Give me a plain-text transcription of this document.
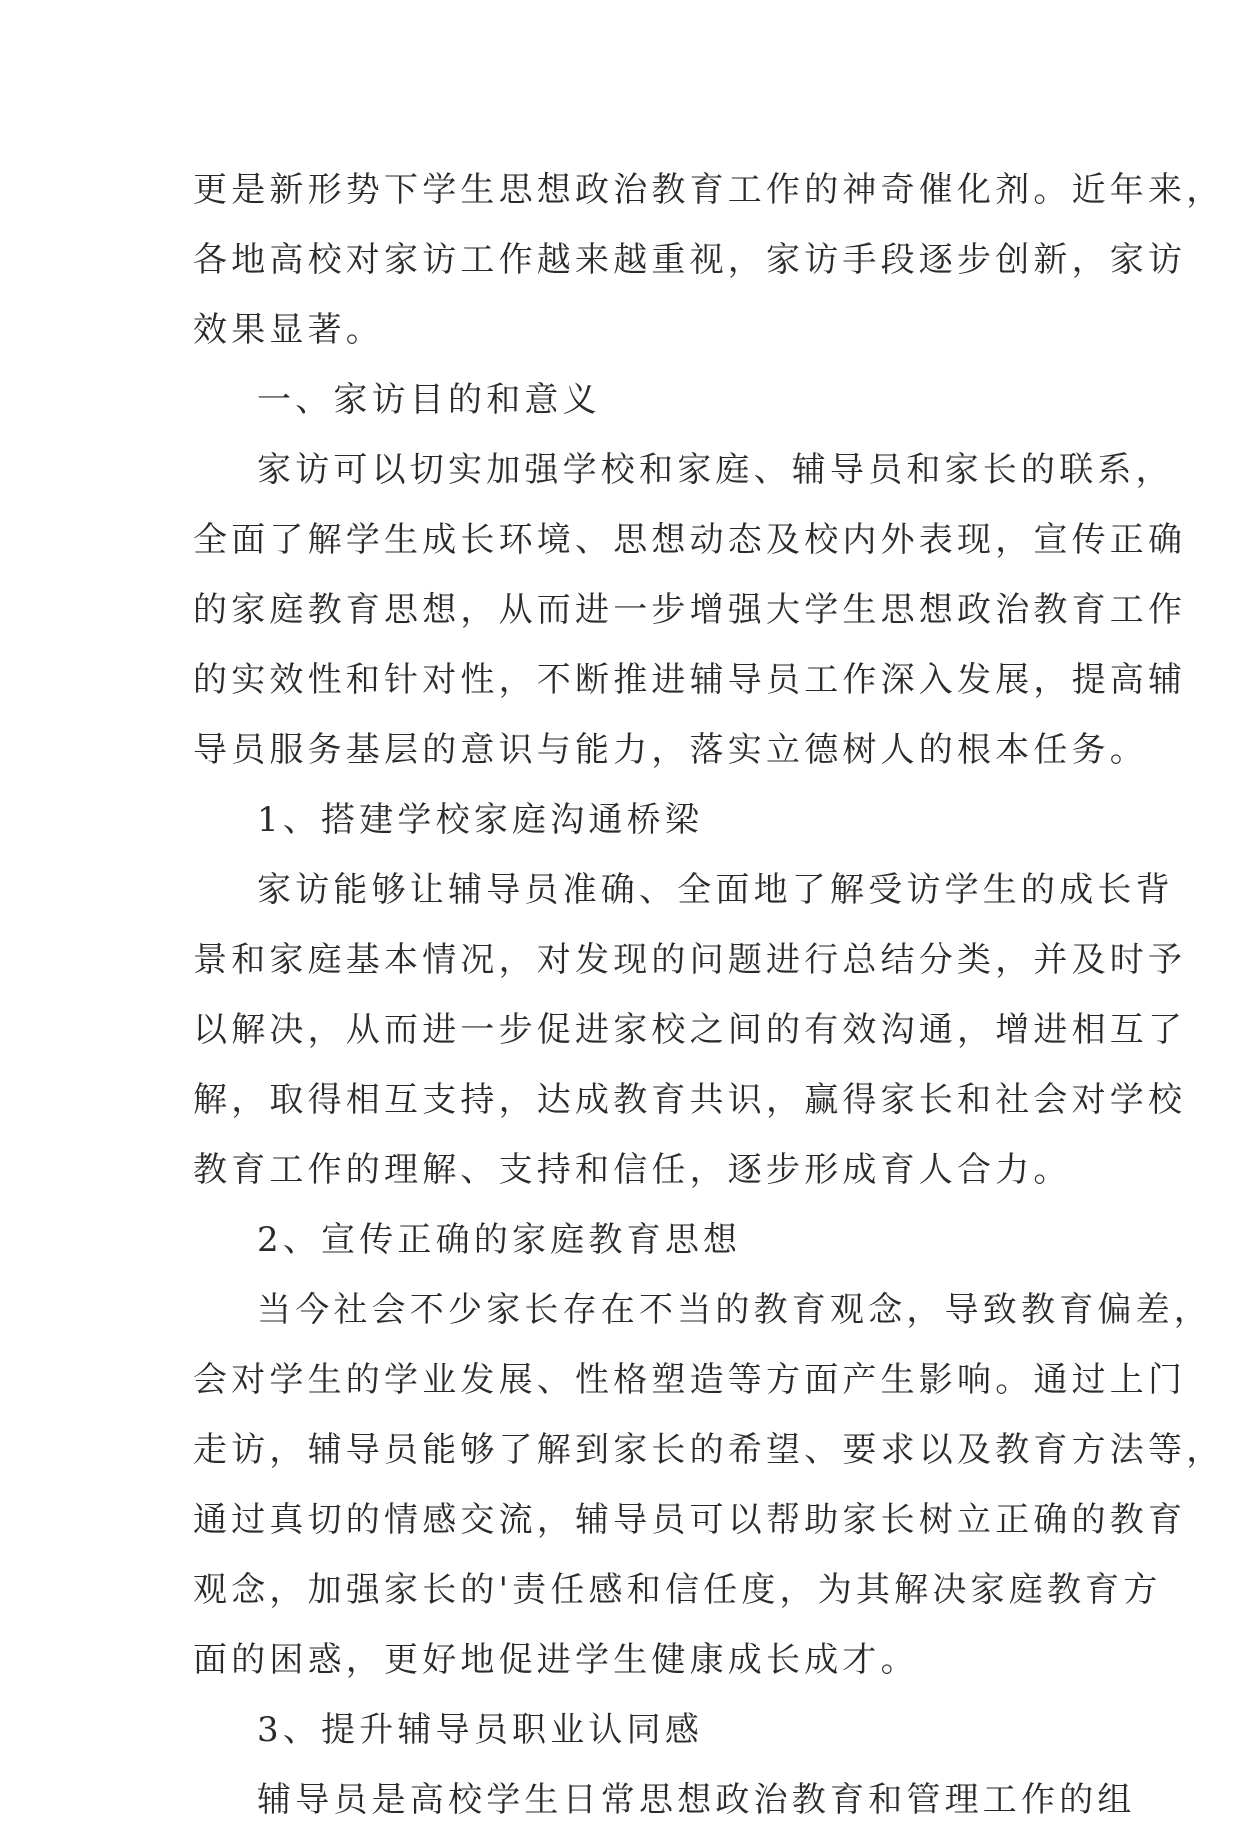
更是新形势下学生思想政治教育工作的神奇催化剂。近年来，
各地高校对家访工作越来越重视，家访手段逐步创新，家访
效果显著。
一、家访目的和意义
家访可以切实加强学校和家庭、辅导员和家长的联系，
全面了解学生成长环境、思想动态及校内外表现，宣传正确
的家庭教育思想，从而进一步增强大学生思想政治教育工作
的实效性和针对性，不断推进辅导员工作深入发展，提高辅
导员服务基层的意识与能力，落实立德树人的根本任务。
1、搭建学校家庭沟通桥梁
家访能够让辅导员准确、全面地了解受访学生的成长背
景和家庭基本情况，对发现的问题进行总结分类，并及时予
以解决，从而进一步促进家校之间的有效沟通，增进相互了
解，取得相互支持，达成教育共识，赢得家长和社会对学校
教育工作的理解、支持和信任，逐步形成育人合力。
2、宣传正确的家庭教育思想
当今社会不少家长存在不当的教育观念，导致教育偏差，
会对学生的学业发展、性格塑造等方面产生影响。通过上门
走访，辅导员能够了解到家长的希望、要求以及教育方法等，
通过真切的情感交流，辅导员可以帮助家长树立正确的教育
观念，加强家长的'责任感和信任度，为其解决家庭教育方
面的困惑，更好地促进学生健康成长成才。
3、提升辅导员职业认同感
辅导员是高校学生日常思想政治教育和管理工作的组
